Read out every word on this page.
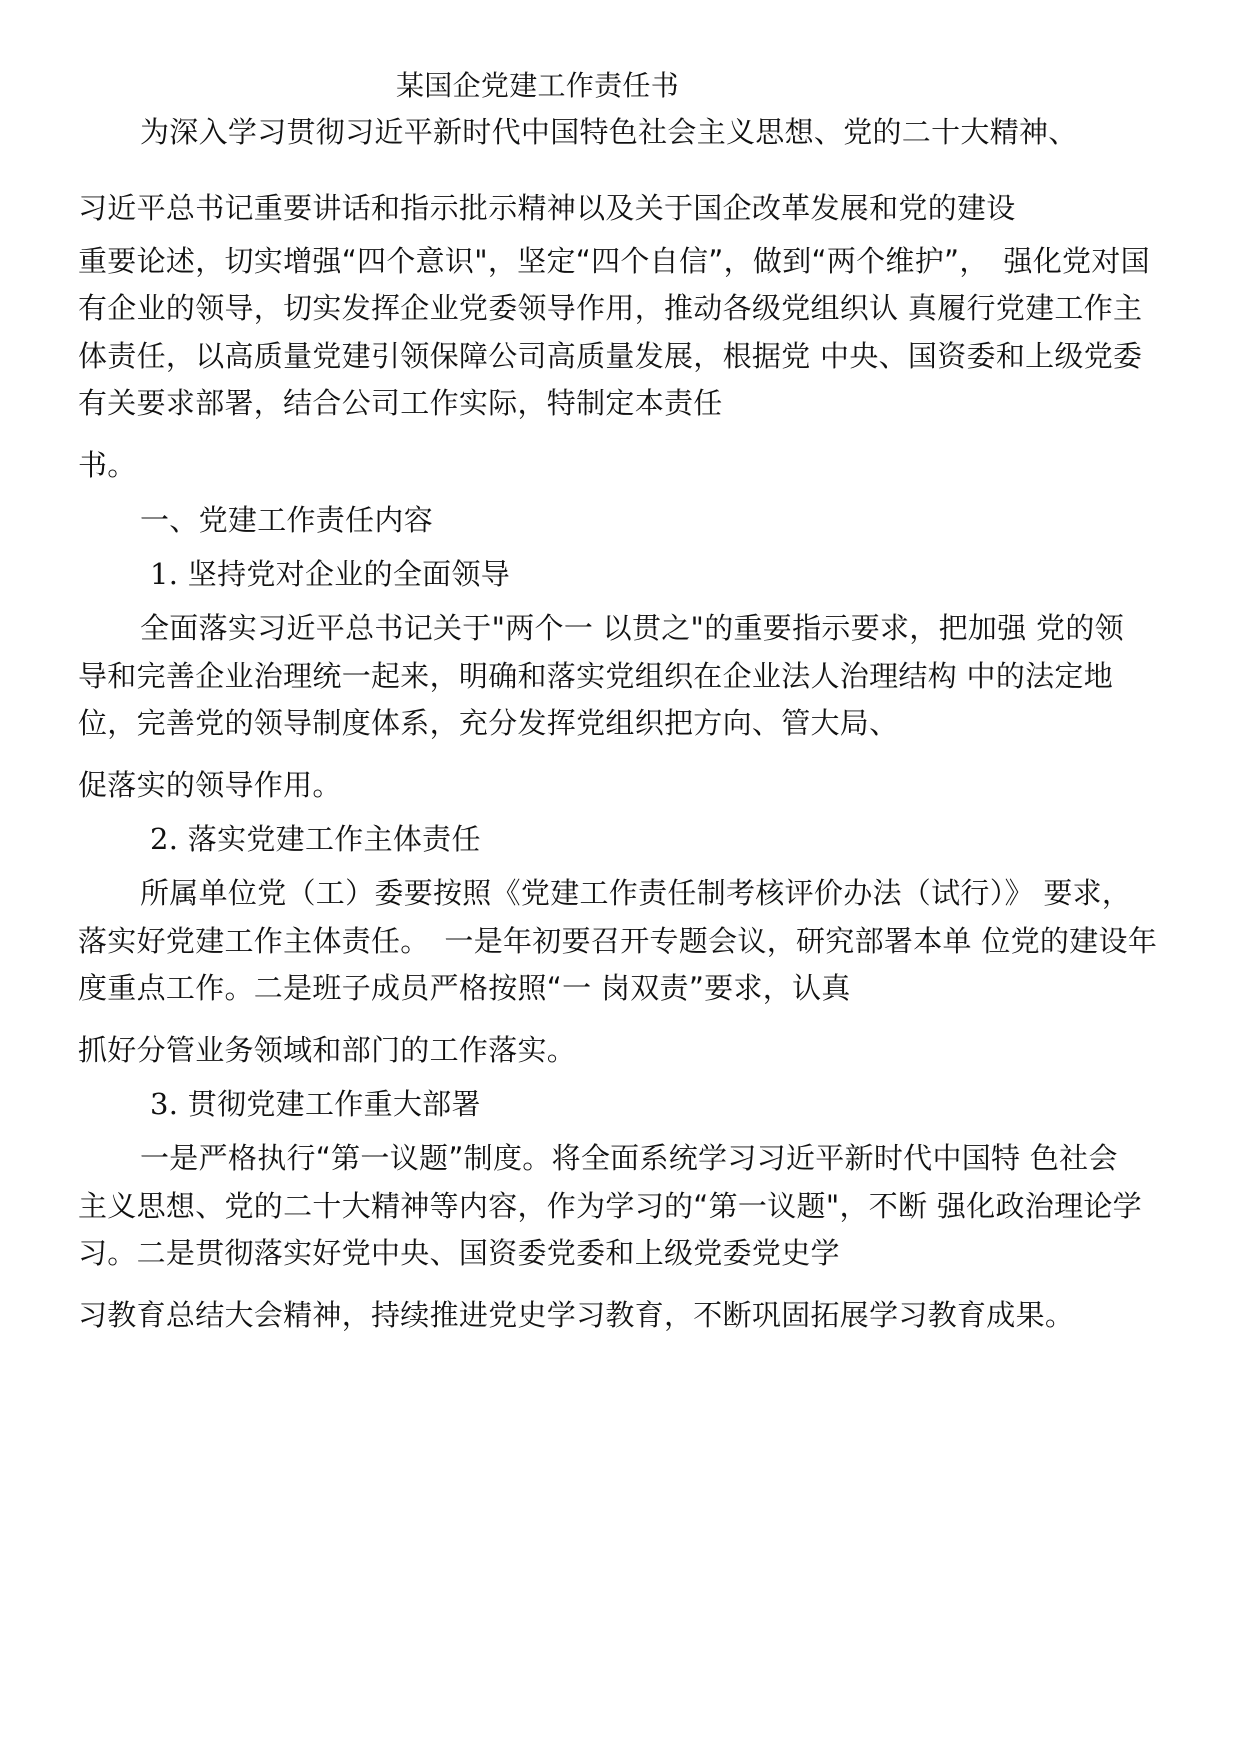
某国企党建工作责任书
为深入学习贯彻习近平新时代中国特色社会主义思想、党的二十大精神、
习近平总书记重要讲话和指示批示精神以及关于国企改革发展和党的建设
重要论述，切实增强“四个意识"，坚定“四个自信”，做到“两个维护”，　强化党对国
有企业的领导，切实发挥企业党委领导作用，推动各级党组织认 真履行党建工作主
体责任，以高质量党建引领保障公司高质量发展，根据党 中央、国资委和上级党委
有关要求部署，结合公司工作实际，特制定本责任
书。
一、党建工作责任内容
1. 坚持党对企业的全面领导
全面落实习近平总书记关于"两个一 以贯之"的重要指示要求，把加强 党的领
导和完善企业治理统一起来，明确和落实党组织在企业法人治理结构 中的法定地
位，完善党的领导制度体系，充分发挥党组织把方向、管大局、
促落实的领导作用。
2. 落实党建工作主体责任
所属单位党（工）委要按照《党建工作责任制考核评价办法（试行）》 要求，
落实好党建工作主体责任。　一是年初要召开专题会议，研究部署本单 位党的建设年
度重点工作。二是班子成员严格按照“一 岗双责”要求，认真
抓好分管业务领域和部门的工作落实。
3. 贯彻党建工作重大部署
一是严格执行“第一议题”制度。将全面系统学习习近平新时代中国特 色社会
主义思想、党的二十大精神等内容，作为学习的“第一议题"，不断 强化政治理论学
习。二是贯彻落实好党中央、国资委党委和上级党委党史学
习教育总结大会精神，持续推进党史学习教育，不断巩固拓展学习教育成果。
